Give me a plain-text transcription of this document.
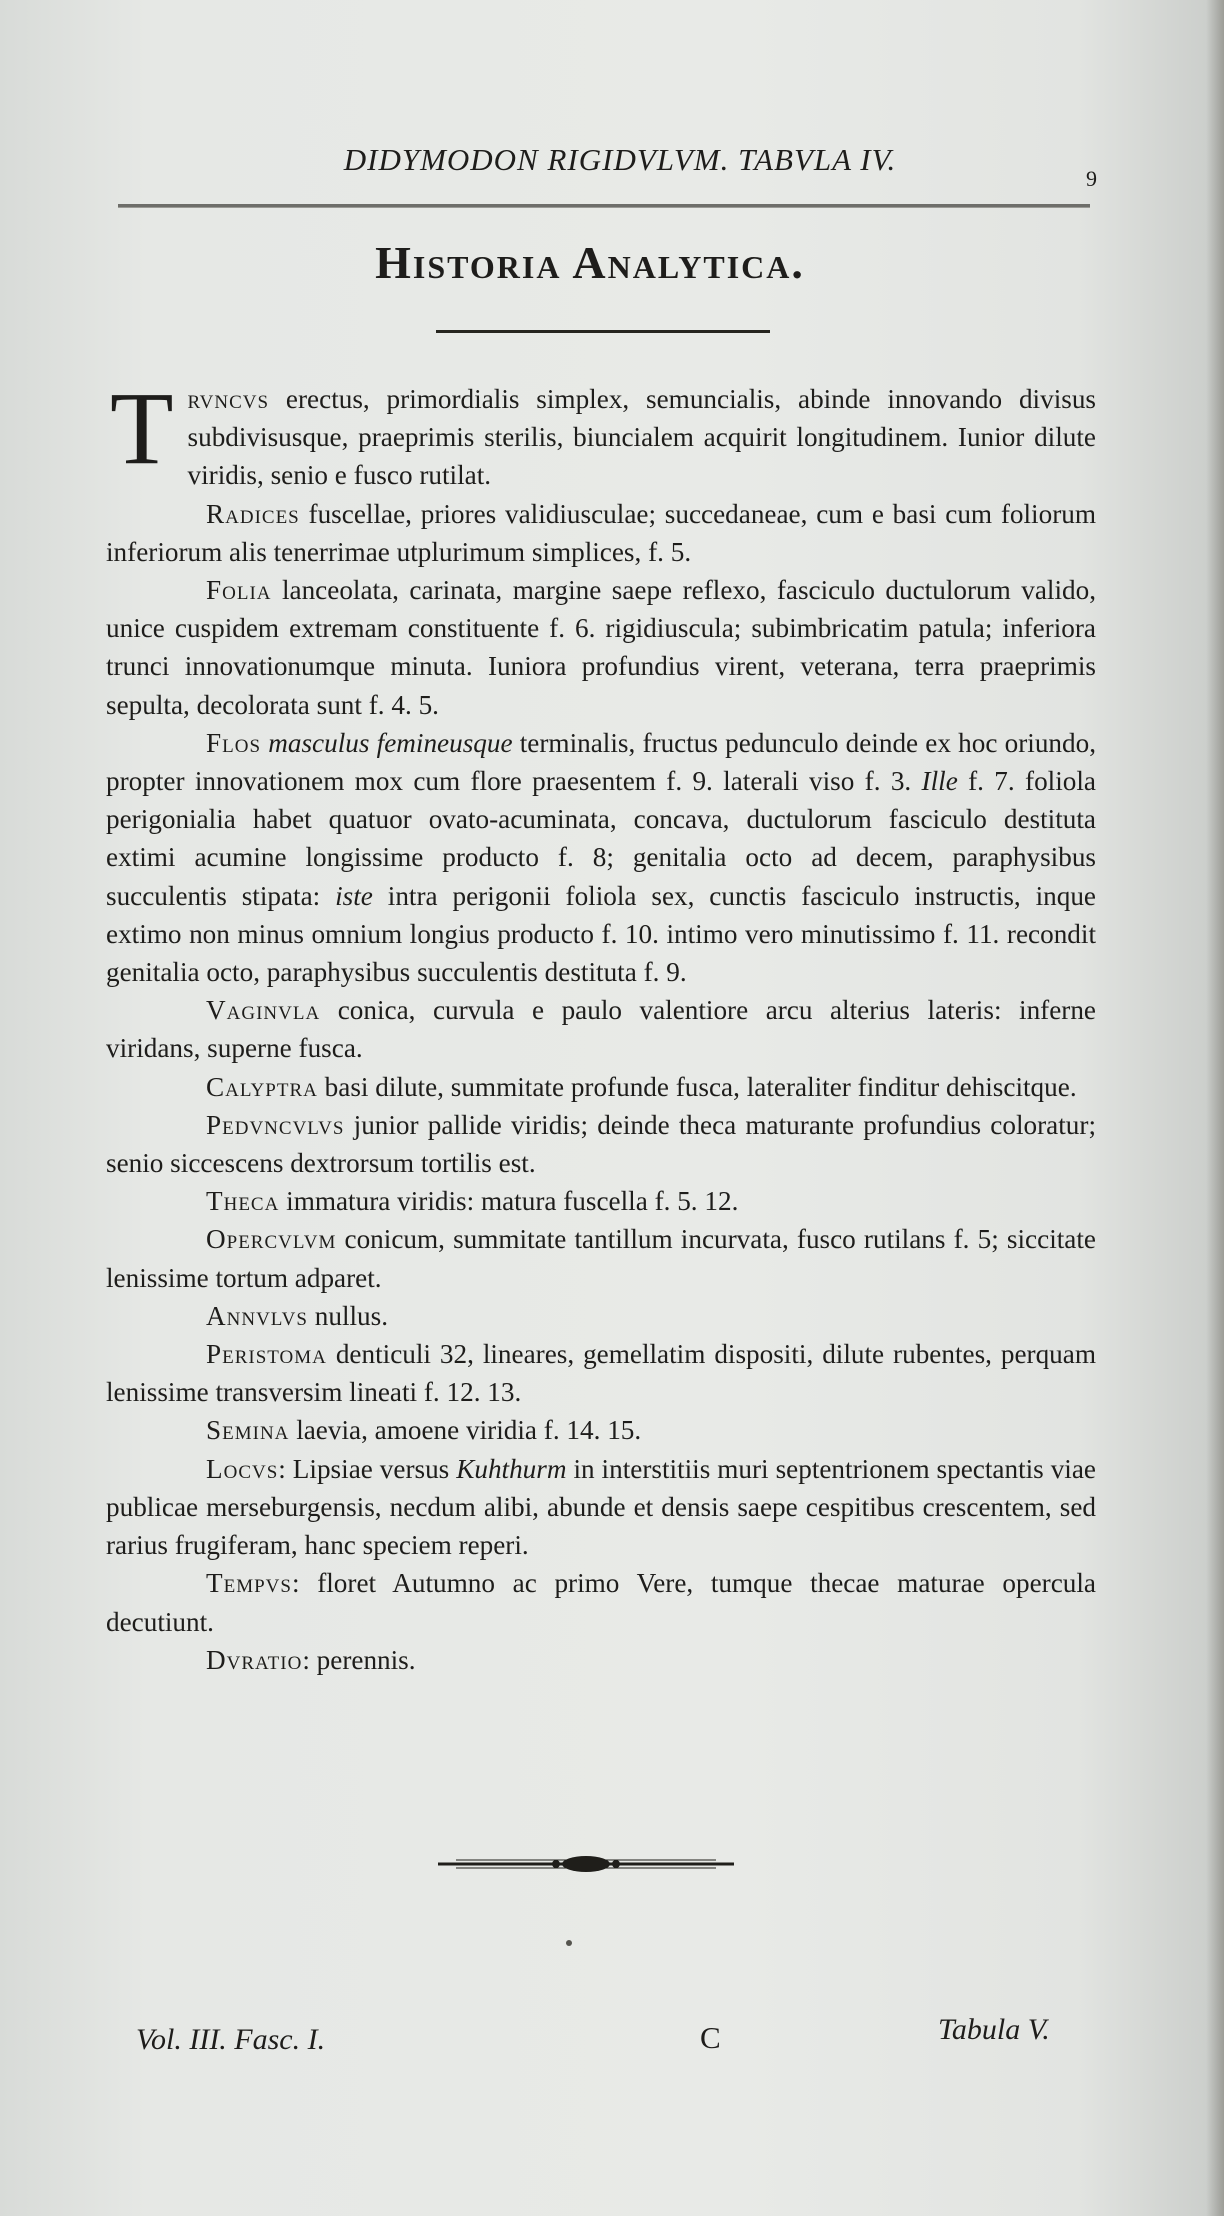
DIDYMODON RIGIDVLVM. TABVLA IV.
9
Historia Analytica.

Trvncvs erectus, primordialis simplex, semuncialis, abinde innovando divisus subdivisusque, praeprimis sterilis, biuncialem acquirit longitudinem. Iunior dilute viridis, senio e fusco rutilat.

Radices fuscellae, priores validiusculae; succedaneae, cum e basi cum foliorum inferiorum alis tenerrimae utplurimum simplices, f. 5.

Folia lanceolata, carinata, margine saepe reflexo, fasciculo ductulorum valido, unice cuspidem extremam constituente f. 6. rigidiuscula; subimbricatim patula; inferiora trunci innovationumque minuta. Iuniora profundius virent, veterana, terra praeprimis sepulta, decolorata sunt f. 4. 5.

Flos masculus femineusque terminalis, fructus pedunculo deinde ex hoc oriundo, propter innovationem mox cum flore praesentem f. 9. laterali viso f. 3. Ille f. 7. foliola perigonialia habet quatuor ovato-acuminata, concava, ductulorum fasciculo destituta extimi acumine longissime producto f. 8; genitalia octo ad decem, paraphysibus succulentis stipata: iste intra perigonii foliola sex, cunctis fasciculo instructis, inque extimo non minus omnium longius producto f. 10. intimo vero minutissimo f. 11. recondit genitalia octo, paraphysibus succulentis destituta f. 9.

Vaginvla conica, curvula e paulo valentiore arcu alterius lateris: inferne viridans, superne fusca.

Calyptra basi dilute, summitate profunde fusca, lateraliter finditur dehiscitque.

Pedvncvlvs junior pallide viridis; deinde theca maturante profundius coloratur; senio siccescens dextrorsum tortilis est.

Theca immatura viridis: matura fuscella f. 5. 12.

Opercvlvm conicum, summitate tantillum incurvata, fusco rutilans f. 5; siccitate lenissime tortum adparet.

Annvlvs nullus.

Peristoma denticuli 32, lineares, gemellatim dispositi, dilute rubentes, perquam lenissime transversim lineati f. 12. 13.

Semina laevia, amoene viridia f. 14. 15.

Locvs: Lipsiae versus Kuhthurm in interstitiis muri septentrionem spectantis viae publicae merseburgensis, necdum alibi, abunde et densis saepe cespitibus crescentem, sed rarius frugiferam, hanc speciem reperi.

Tempvs: floret Autumno ac primo Vere, tumque thecae maturae opercula decutiunt.

Dvratio: perennis.

Vol. III. Fasc. I.	C	Tabula V.
